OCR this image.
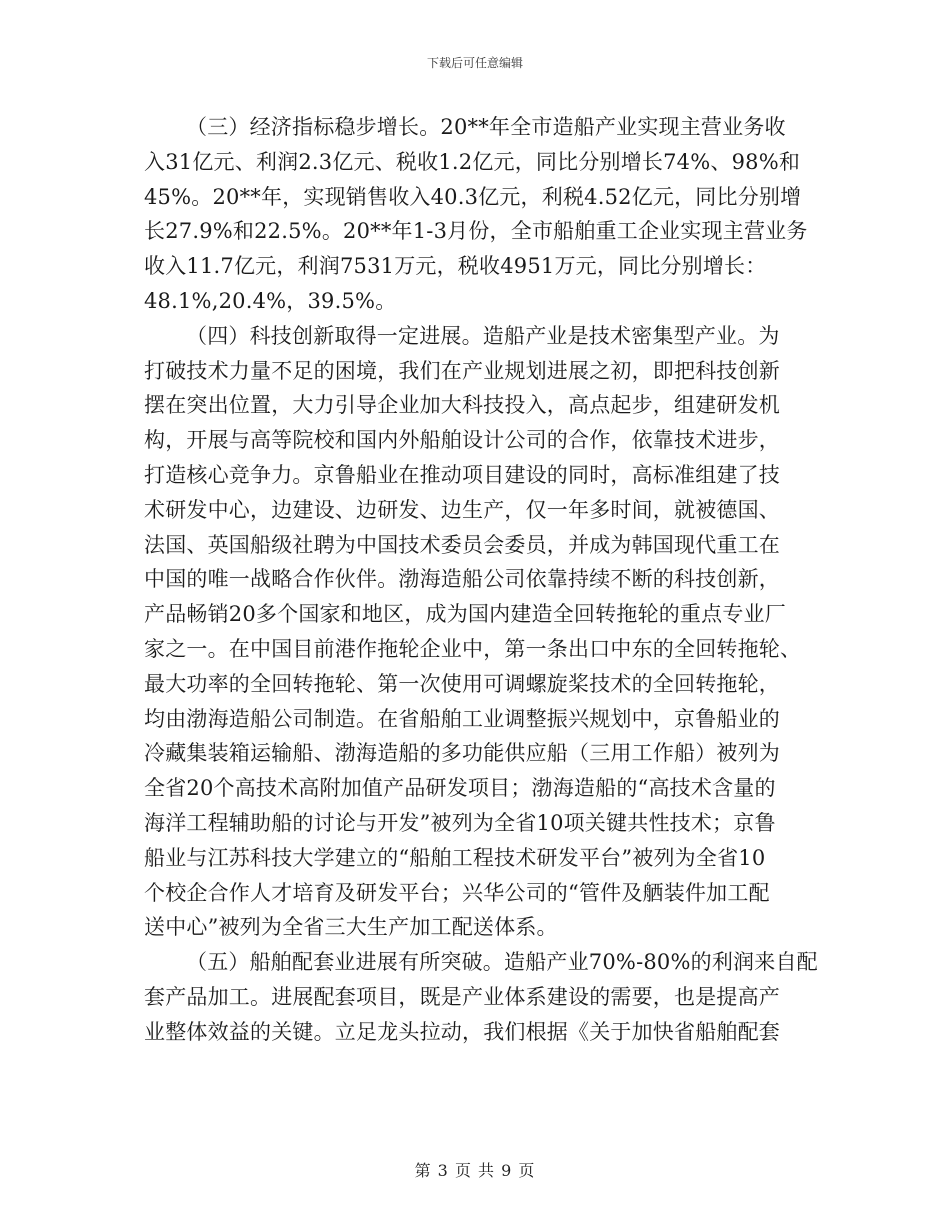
下载后可任意编辑
（三）经济指标稳步增长。20**年全市造船产业实现主营业务收
入31亿元、利润2.3亿元、税收1.2亿元，同比分别增长74%、98%和
45%。20**年，实现销售收入40.3亿元，利税4.52亿元，同比分别增
长27.9%和22.5%。20**年1-3月份，全市船舶重工企业实现主营业务
收入11.7亿元，利润7531万元，税收4951万元，同比分别增长：
48.1%,20.4%，39.5%。
（四）科技创新取得一定进展。造船产业是技术密集型产业。为
打破技术力量不足的困境，我们在产业规划进展之初，即把科技创新
摆在突出位置，大力引导企业加大科技投入，高点起步，组建研发机
构，开展与高等院校和国内外船舶设计公司的合作，依靠技术进步，
打造核心竞争力。京鲁船业在推动项目建设的同时，高标准组建了技
术研发中心，边建设、边研发、边生产，仅一年多时间，就被德国、
法国、英国船级社聘为中国技术委员会委员，并成为韩国现代重工在
中国的唯一战略合作伙伴。渤海造船公司依靠持续不断的科技创新，
产品畅销20多个国家和地区，成为国内建造全回转拖轮的重点专业厂
家之一。在中国目前港作拖轮企业中，第一条出口中东的全回转拖轮、
最大功率的全回转拖轮、第一次使用可调螺旋桨技术的全回转拖轮，
均由渤海造船公司制造。在省船舶工业调整振兴规划中，京鲁船业的
冷藏集装箱运输船、渤海造船的多功能供应船（三用工作船）被列为
全省20个高技术高附加值产品研发项目；渤海造船的“高技术含量的
海洋工程辅助船的讨论与开发”被列为全省10项关键共性技术；京鲁
船业与江苏科技大学建立的“船舶工程技术研发平台”被列为全省10
个校企合作人才培育及研发平台；兴华公司的“管件及舾装件加工配
送中心”被列为全省三大生产加工配送体系。
（五）船舶配套业进展有所突破。造船产业70%-80%的利润来自配
套产品加工。进展配套项目，既是产业体系建设的需要，也是提高产
业整体效益的关键。立足龙头拉动，我们根据《关于加快省船舶配套
第 3 页 共 9 页
